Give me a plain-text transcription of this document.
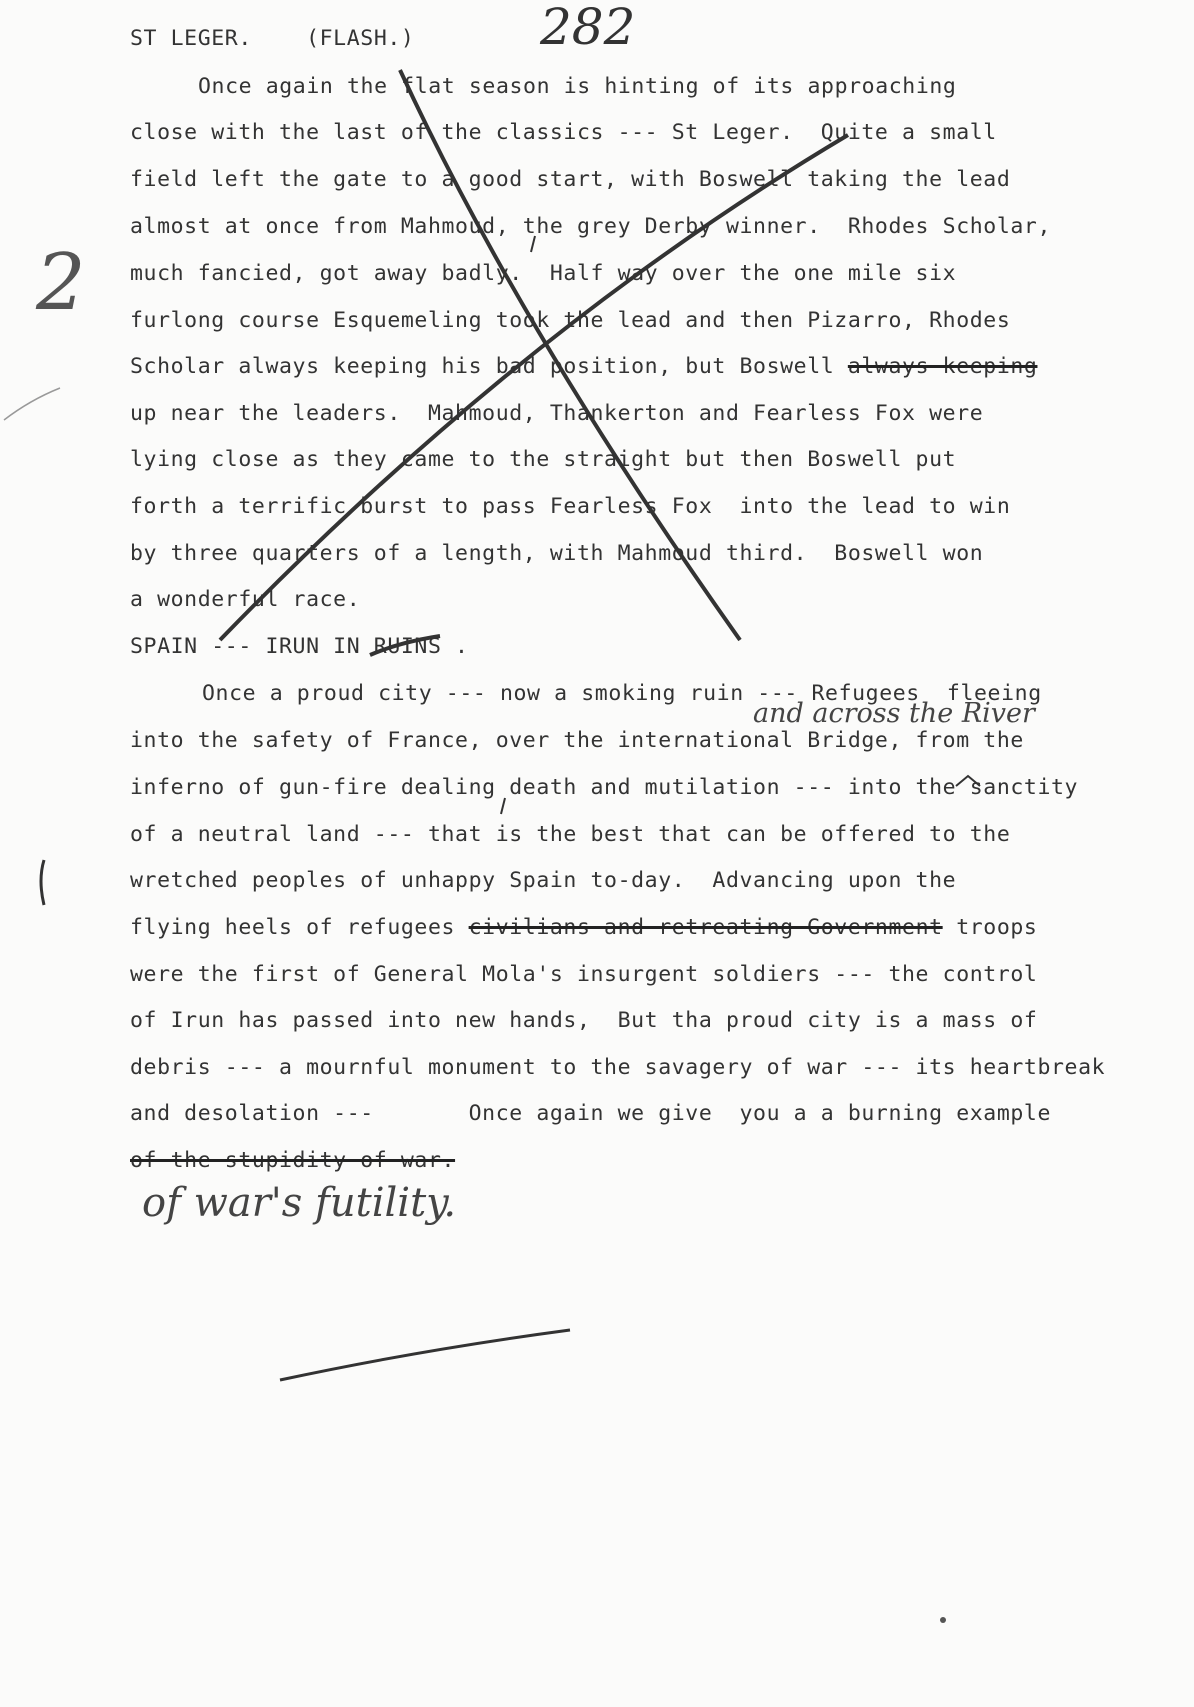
ST LEGER.	(FLASH.)	282
2
Once again the flat season is hinting of its approaching
close with the last of the classics --- St Leger.  Quite a small
field left the gate to a good start, with Boswell taking the lead
almost at once from Mahmoud, the grey Derby winner.  Rhodes Scholar,
much fancied, got away badly.  Half way over the one mile six
furlong course Esquemeling took the lead and then Pizarro, Rhodes
Scholar always keeping his bad position, but Boswell always keeping
up near the leaders.  Mahmoud, Thankerton and Fearless Fox were
lying close as they came to the straight but then Boswell put
forth a terrific burst to pass Fearless Fox  into the lead to win
by three quarters of a length, with Mahmoud third.  Boswell won
a wonderful race.
SPAIN --- IRUN IN RUINS .
Once a proud city --- now a smoking ruin --- Refugees  fleeing
and across the River
into the safety of France, over the international Bridge, from the
inferno of gun-fire dealing death and mutilation --- into the sanctity
of a neutral land --- that is the best that can be offered to the
wretched peoples of unhappy Spain to-day.  Advancing upon the
flying heels of refugees civilians and retreating Government troops
were the first of General Mola's insurgent soldiers --- the control
of Irun has passed into new hands,  But tha proud city is a mass of
debris --- a mournful monument to the savagery of war --- its heartbreak
and desolation ---       Once again we give  you a a burning example
of the stupidity of war.
of war's futility.
